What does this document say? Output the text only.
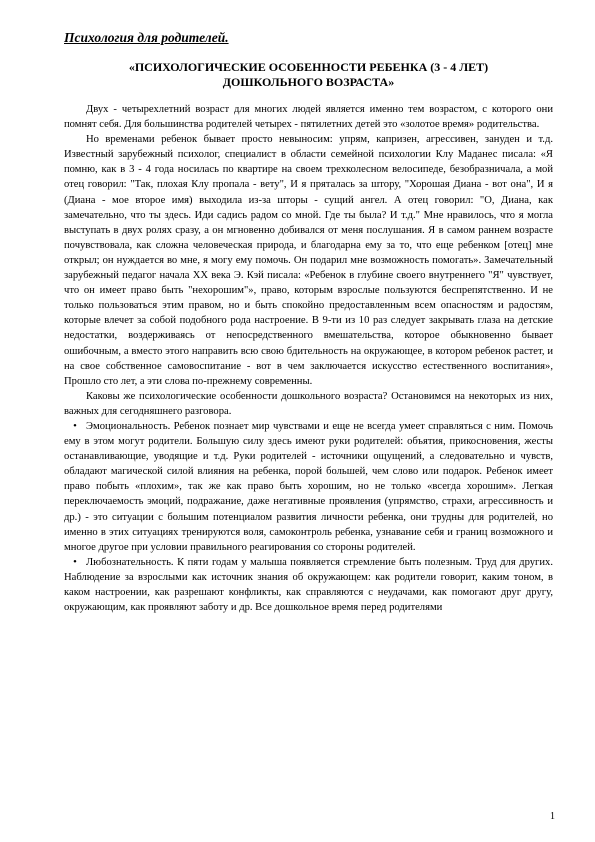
Психология для родителей.
«ПСИХОЛОГИЧЕСКИЕ ОСОБЕННОСТИ РЕБЕНКА (3 - 4 ЛЕТ)
ДОШКОЛЬНОГО ВОЗРАСТА»

Двух - четырехлетний возраст для многих людей является именно тем возрастом, с которого они помнят себя. Для большинства родителей четырех - пятилетних детей это «золотое время» родительства.

Но временами ребенок бывает просто невыносим: упрям, капризен, агрессивен, зануден и т.д. Известный зарубежный психолог, специалист в области семейной психологии Клу Маданес писала: «Я помню, как в 3 - 4 года носилась по квартире на своем трехколесном велосипеде, безобразничала, а мой отец говорил: "Так, плохая Клу пропала - вету", И я пряталась за штору, "Хорошая Диана - вот она", И я (Диана - мое второе имя) выходила из-за шторы - сущий ангел. А отец говорил: "О, Диана, как замечательно, что ты здесь. Иди садись радом со мной. Где ты была? И т.д." Мне нравилось, что я могла выступать в двух ролях сразу, а он мгновенно добивался от меня послушания. Я в самом раннем возрасте почувствовала, как сложна человеческая природа, и благодарна ему за то, что еще ребенком [отец] мне открыл; он нуждается во мне, я могу ему помочь. Он подарил мне возможность помогать». Замечательный зарубежный педагог начала XX века Э. Кэй писала: «Ребенок в глубине своего внутреннего "Я" чувствует, что он имеет право быть "нехорошим"», право, которым взрослые пользуются беспрепятственно. И не только пользоваться этим правом, но и быть спокойно предоставленным всем опасностям и радостям, которые влечет за собой подобного рода настроение. В 9-ти из 10 раз следует закрывать глаза на детские недостатки, воздерживаясь от непосредственного вмешательства, которое обыкновенно бывает ошибочным, а вместо этого направить всю свою бдительность на окружающее, в котором ребенок растет, и на свое собственное самовоспитание - вот в чем заключается искусство естественного воспитания», Прошло сто лет, а эти слова по-прежнему современны.

Каковы же психологические особенности дошкольного возраста? Остановимся на некоторых из них, важных для сегодняшнего разговора.

• Эмоциональность. Ребенок познает мир чувствами и еще не всегда умеет справляться с ним. Помочь ему в этом могут родители. Большую силу здесь имеют руки родителей: объятия, прикосновения, жесты останавливающие, уводящие и т.д. Руки родителей - источники ощущений, а следовательно и чувств, обладают магической силой влияния на ребенка, порой большей, чем слово или подарок. Ребенок имеет право побыть «плохим», так же как право быть хорошим, но не только «всегда хорошим». Легкая переключаемость эмоций, подражание, даже негативные проявления (упрямство, страхи, агрессивность и др.) - это ситуации с большим потенциалом развития личности ребенка, они трудны для родителей, но именно в этих ситуациях тренируются воля, самоконтроль ребенка, узнавание себя и границ возможного и многое другое при условии правильного реагирования со стороны родителей.

• Любознательность. К пяти годам у малыша появляется стремление быть полезным. Труд для других. Наблюдение за взрослыми как источник знания об окружающем: как родители говорит, каким тоном, в каком настроении, как разрешают конфликты, как справляются с неудачами, как помогают друг другу, окружающим, как проявляют заботу и др. Все дошкольное время перед родителями

1
